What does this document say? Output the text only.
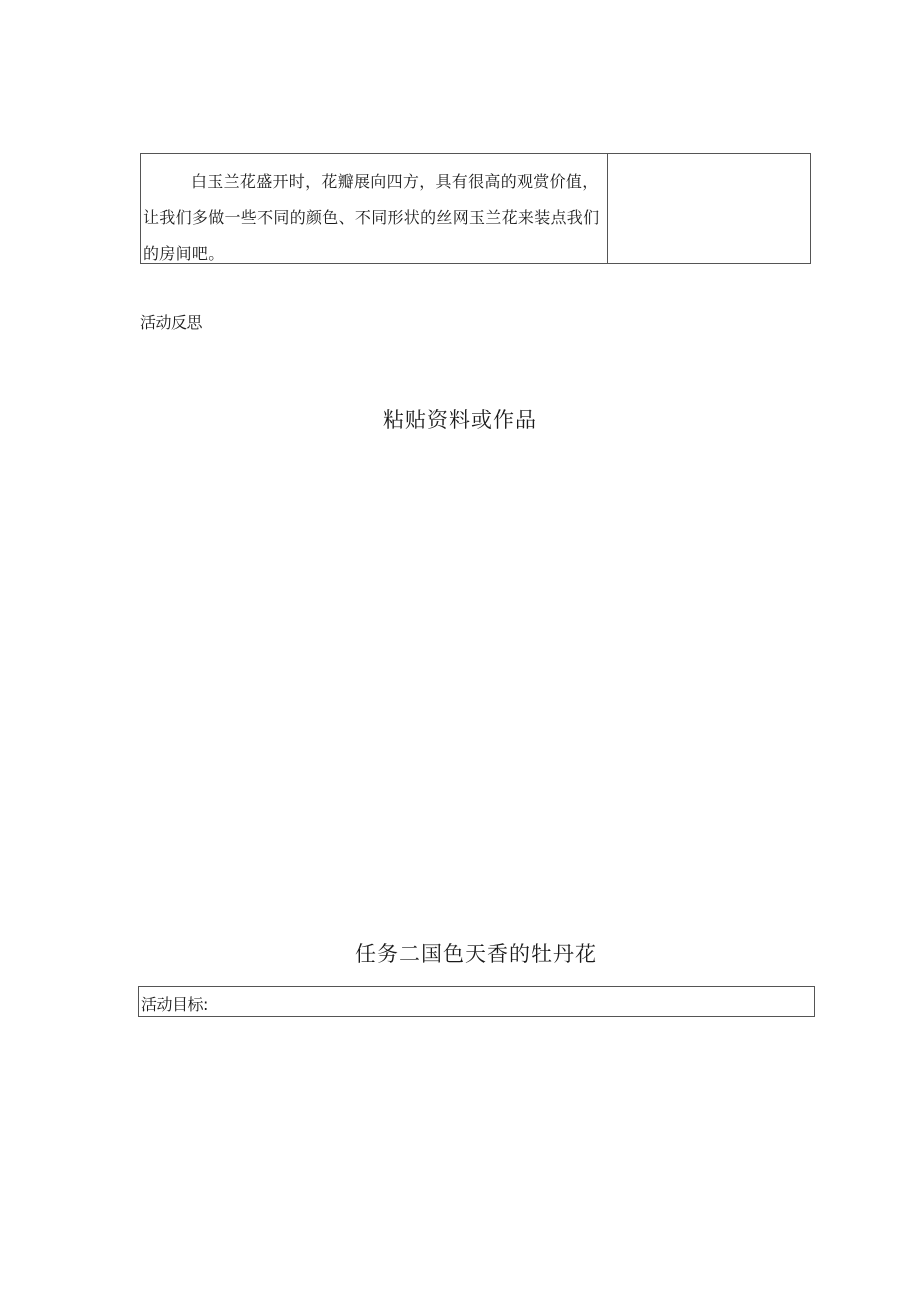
白玉兰花盛开时，花瓣展向四方，具有很高的观赏价值，让我们多做一些不同的颜色、不同形状的丝网玉兰花来装点我们的房间吧。

活动反思
粘贴资料或作品
任务二国色天香的牡丹花
活动目标:
